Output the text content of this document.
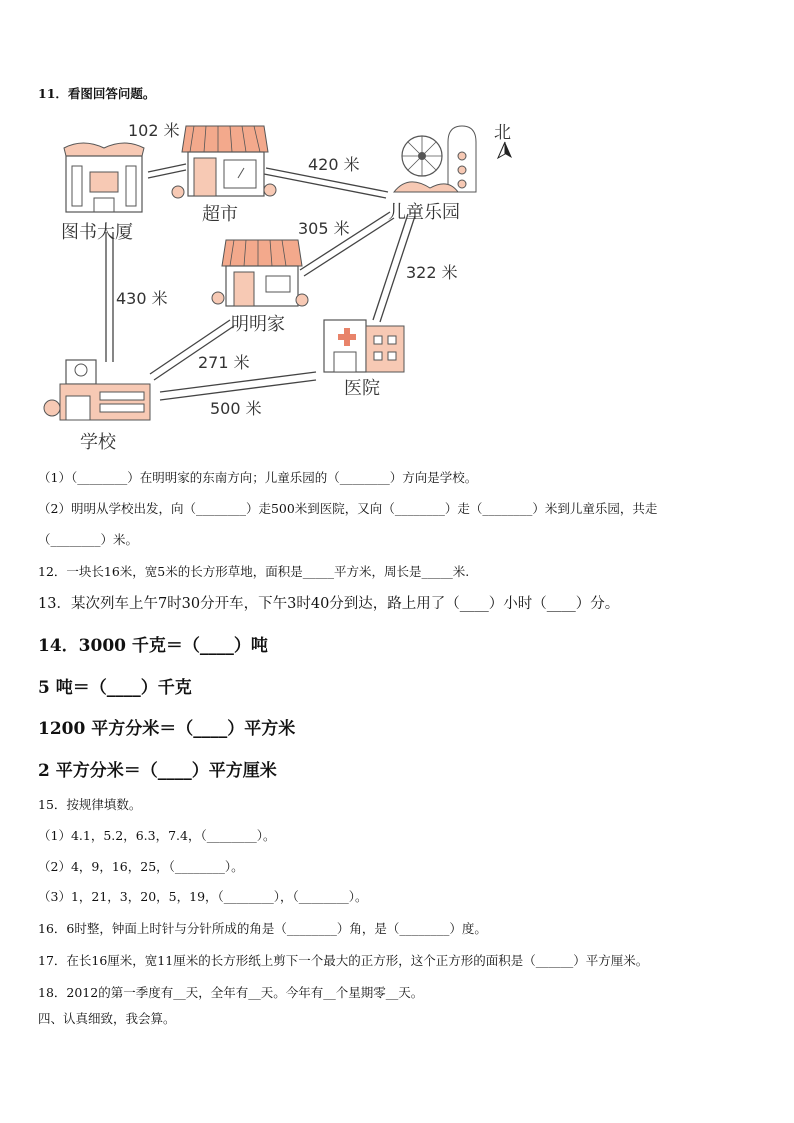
11．看图回答问题。
图书大厦
超市	儿童乐园
北
明明家
医院
学校
102 米
420 米
305 米
322 米
430 米
271 米
500 米
（1）（________）在明明家的东南方向；儿童乐园的（________）方向是学校。
（2）明明从学校出发，向（________）走500米到医院，又向（________）走（________）米到儿童乐园，共走
（________）米。
12．一块长16米，宽5米的长方形草地，面积是_____平方米，周长是_____米.
13．某次列车上午7时30分开车，下午3时40分到达，路上用了（____）小时（____）分。
14．3000 千克＝（____）吨
5 吨＝（____）千克
1200 平方分米＝（____）平方米
2 平方分米＝（____）平方厘米
15．按规律填数。
（1）4.1，5.2，6.3，7.4，（________）。
（2）4，9，16，25，（________）。
（3）1，21，3，20，5，19，（________），（________）。
16．6时整，钟面上时针与分针所成的角是（________）角，是（________）度。
17．在长16厘米，宽11厘米的长方形纸上剪下一个最大的正方形，这个正方形的面积是（______）平方厘米。
18．2012的第一季度有__天，全年有__天。今年有__个星期零__天。
四、认真细致，我会算。
